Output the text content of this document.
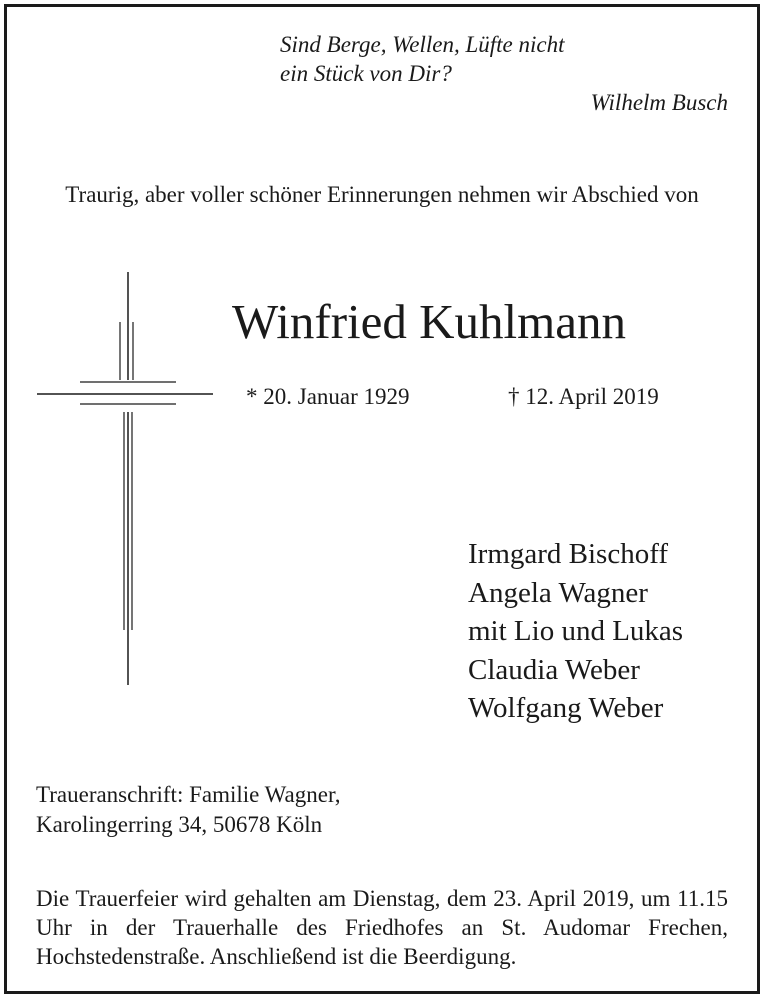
Sind Berge, Wellen, Lüfte nicht
ein Stück von Dir?
Wilhelm Busch
Traurig, aber voller schöner Erinnerungen nehmen wir Abschied von
Winfried Kuhlmann
* 20. Januar 1929	† 12. April 2019
Irmgard Bischoff
Angela Wagner
mit Lio und Lukas
Claudia Weber
Wolfgang Weber
Traueranschrift: Familie Wagner,
Karolingerring 34, 50678 Köln
Die Trauerfeier wird gehalten am Dienstag, dem 23. April 2019, um 11.15 Uhr in der Trauerhalle des Friedhofes an St. Audomar Frechen, Hochstedenstraße. Anschließend ist die Beerdigung.
